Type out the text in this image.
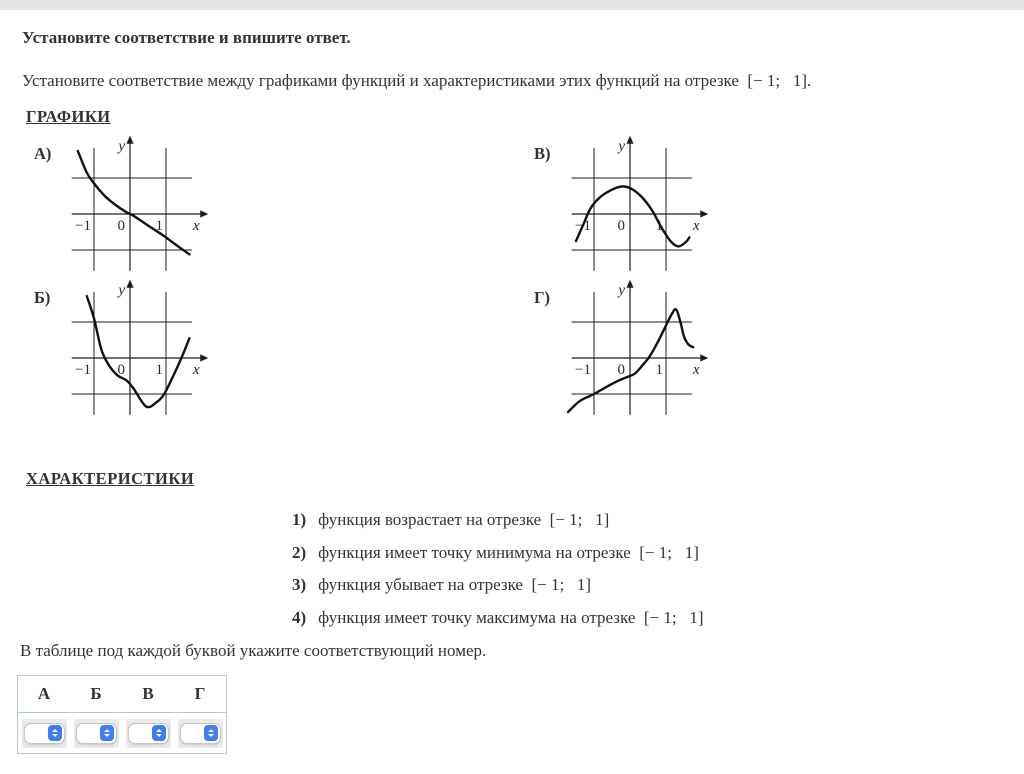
Установите соответствие и впишите ответ.

Установите соответствие между графиками функций и характеристиками этих функций на отрезке  [− 1;   1].

ГРАФИКИ
А)
−1 0 1 x
y	В)
−1 0 1 x
y
Б)
−1 0 1 x
y	Г)
−1 0 1 x
y
ХАРАКТЕРИСТИКИ
1) функция возрастает на отрезке  [− 1;   1]
2) функция имеет точку минимума на отрезке  [− 1;   1]
3) функция убывает на отрезке  [− 1;   1]
4) функция имеет точку максимума на отрезке  [− 1;   1]

В таблице под каждой буквой укажите соответствующий номер.

А	Б	В	Г
